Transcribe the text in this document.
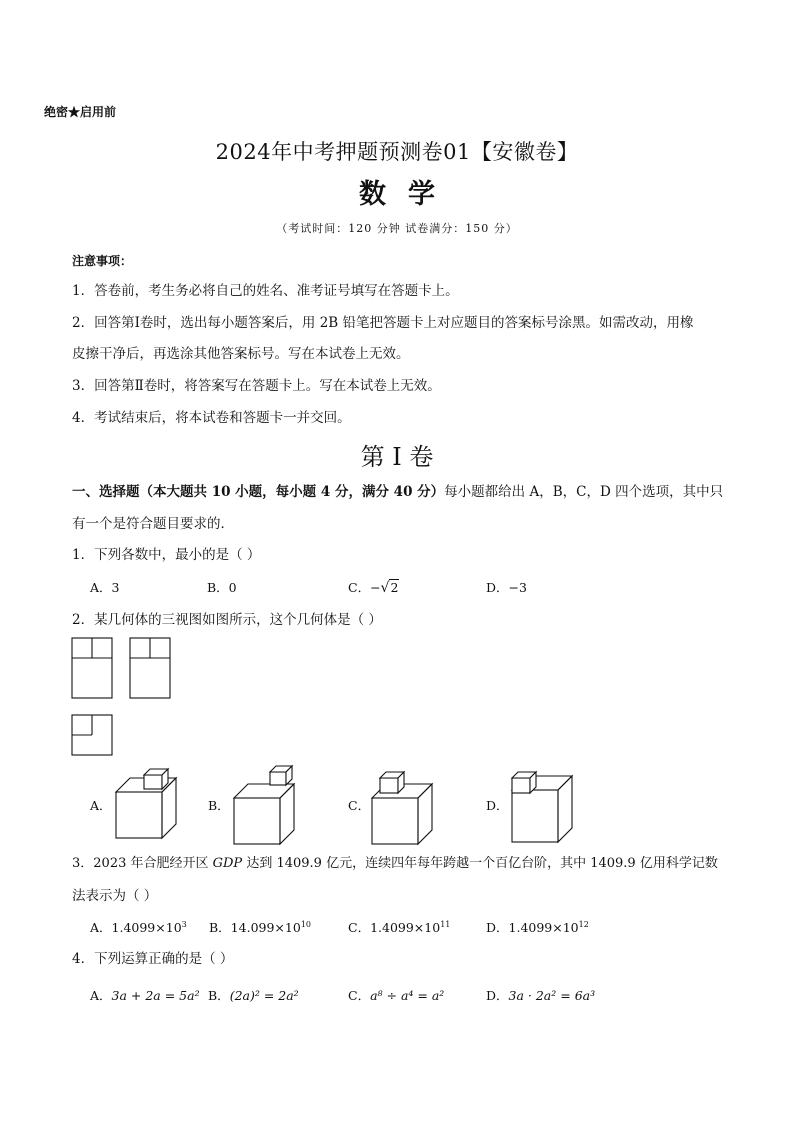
绝密★启用前
2024年中考押题预测卷01【安徽卷】
数学
（考试时间：120 分钟 试卷满分：150 分）
注意事项：
1．答卷前，考生务必将自己的姓名、准考证号填写在答题卡上。
2．回答第Ⅰ卷时，选出每小题答案后，用 2B 铅笔把答题卡上对应题目的答案标号涂黑。如需改动，用橡
皮擦干净后，再选涂其他答案标号。写在本试卷上无效。
3．回答第Ⅱ卷时，将答案写在答题卡上。写在本试卷上无效。
4．考试结束后，将本试卷和答题卡一并交回。
第 I 卷
一、选择题（本大题共 10 小题，每小题 4 分，满分 40 分）每小题都给出 A，B，C，D 四个选项，其中只
有一个是符合题目要求的．
1．下列各数中，最小的是（ ）
A．3	B．0	C．−√2	D．−3
2．某几何体的三视图如图所示，这个几何体是（ ）
A．	B．	C．	D．
3．2023 年合肥经开区 GDP 达到 1409.9 亿元，连续四年每年跨越一个百亿台阶，其中 1409.9 亿用科学记数
法表示为（ ）
A．$1.4099\times 10^3$ B．$14.099\times 10^{10}$	C．$1.4099\times 10^{11}$	D．$1.4099\times 10^{12}$
4．下列运算正确的是（ ）
A．3a + 2a = 5a² B．(2a)² = 2a²	C．a⁸ ÷ a⁴ = a²	D．3a · 2a² = 6a³
